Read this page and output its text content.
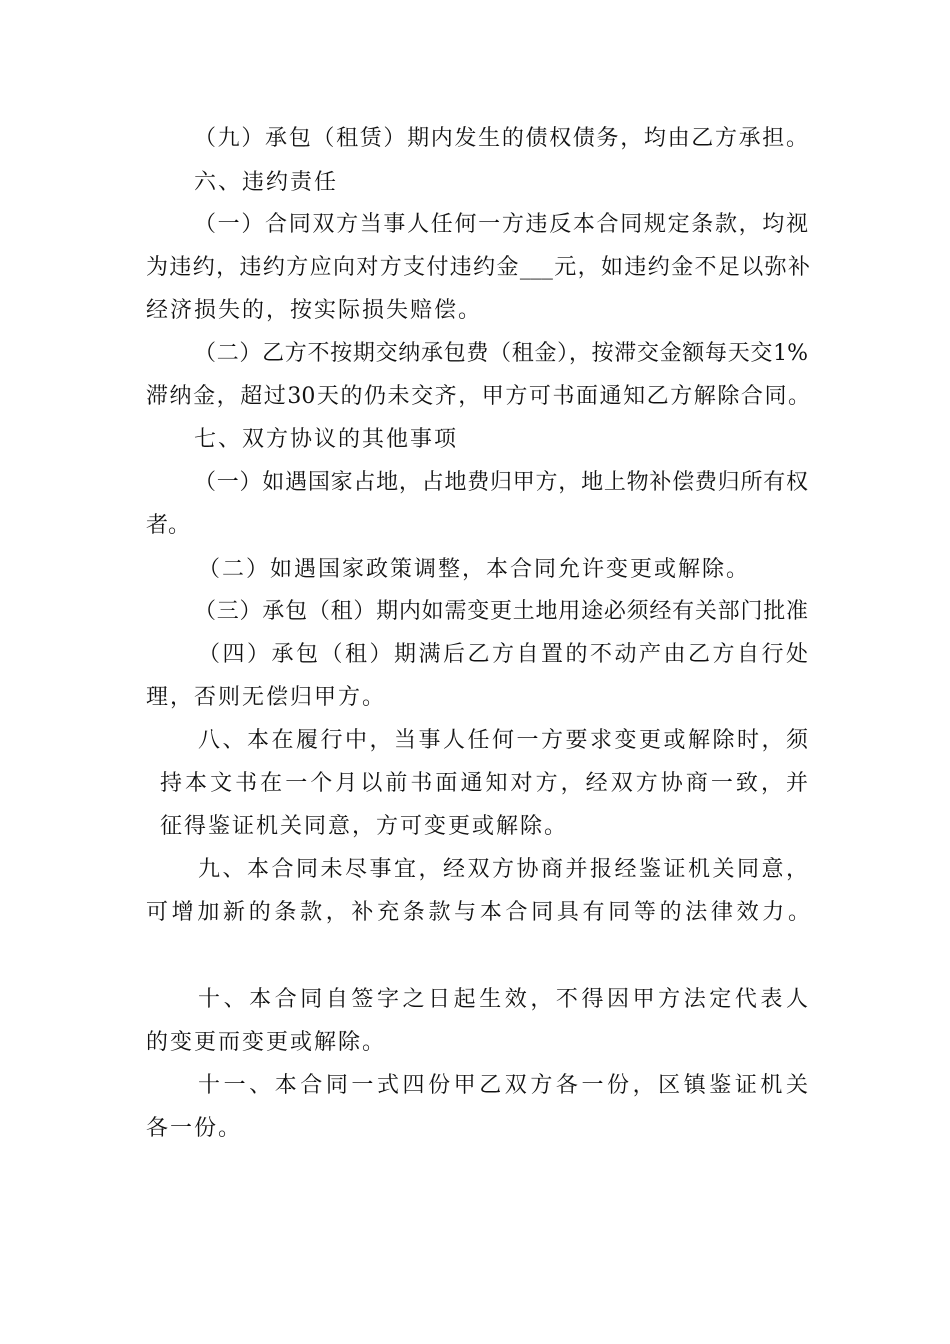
（九）承包（租赁）期内发生的债权债务，均由乙方承担。
六、违约责任
（一）合同双方当事人任何一方违反本合同规定条款，均视
为违约，违约方应向对方支付违约金___元，如违约金不足以弥补
经济损失的，按实际损失赔偿。
（二）乙方不按期交纳承包费（租金），按滞交金额每天交1%
滞纳金，超过30天的仍未交齐，甲方可书面通知乙方解除合同。
七、双方协议的其他事项
（一）如遇国家占地，占地费归甲方，地上物补偿费归所有权
者。
（二）如遇国家政策调整，本合同允许变更或解除。
（三）承包（租）期内如需变更土地用途必须经有关部门批准
（四）承包（租）期满后乙方自置的不动产由乙方自行处
理，否则无偿归甲方。
八、本在履行中，当事人任何一方要求变更或解除时，须
持本文书在一个月以前书面通知对方，经双方协商一致，并
征得鉴证机关同意，方可变更或解除。
九、本合同未尽事宜，经双方协商并报经鉴证机关同意，
可增加新的条款，补充条款与本合同具有同等的法律效力。
十、本合同自签字之日起生效，不得因甲方法定代表人
的变更而变更或解除。
十一、本合同一式四份甲乙双方各一份，区镇鉴证机关
各一份。
